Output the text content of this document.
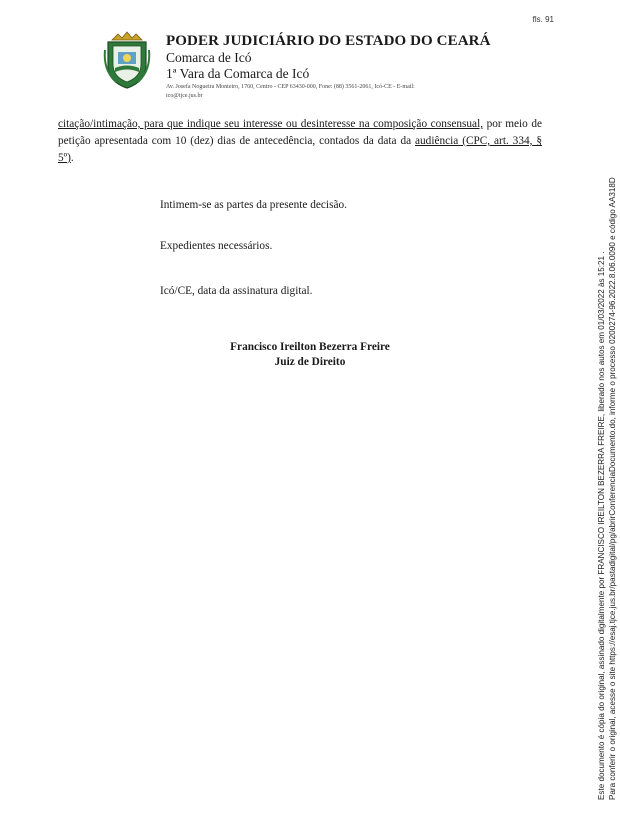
fls. 91
PODER JUDICIÁRIO DO ESTADO DO CEARÁ
Comarca de Icó
1ª Vara da Comarca de Icó
Av. Josefa Nogueira Monteiro, 1760, Centro - CEP 63430-000, Fone: (88) 3561-2061, Icó-CE - E-mail:
ico@tjce.jus.br

citação/intimação, para que indique seu interesse ou desinteresse na composição consensual, por meio de petição apresentada com 10 (dez) dias de antecedência, contados da data da audiência (CPC, art. 334, § 5º).

Intimem-se as partes da presente decisão.
Expedientes necessários.
Icó/CE, data da assinatura digital.
Francisco Ireilton Bezerra Freire
Juiz de Direito	Este documento é cópia do original, assinado digitalmente por FRANCISCO IREILTON BEZERRA FREIRE, liberado nos autos em 01/03/2022 às 15:21 . Para conferir o original, acesse o site https://esaj.tjce.jus.br/pastadigital/pg/abrirConferenciaDocumento.do, informe o processo 0200274-96.2022.8.06.0090 e código AA318D
